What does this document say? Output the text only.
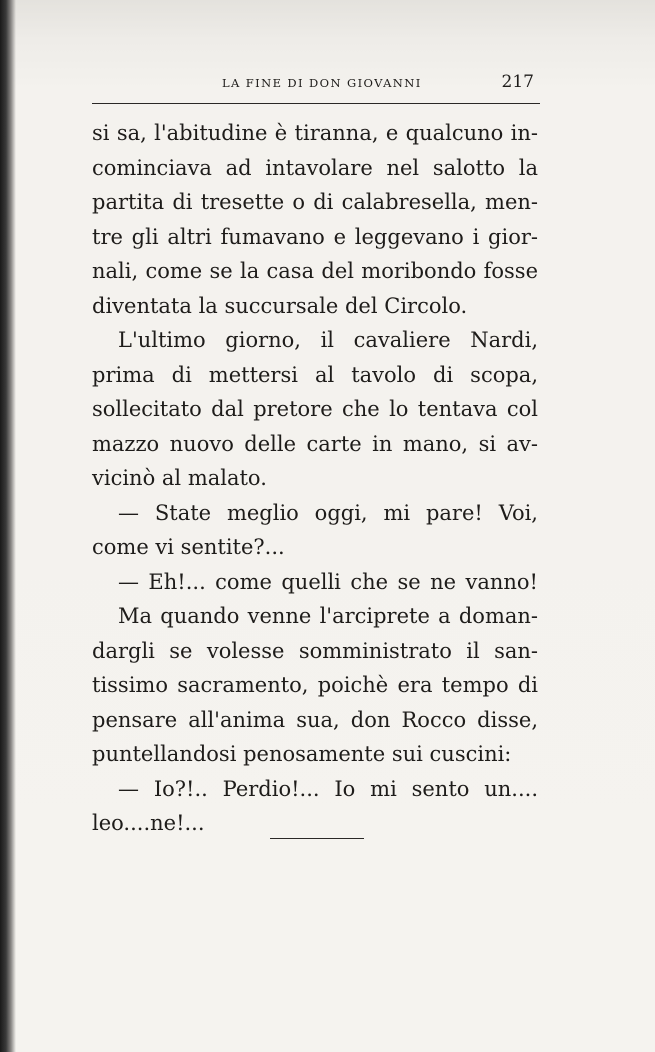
LA FINE DI DON GIOVANNI	217
si sa, l'abitudine è tiranna, e qualcuno in-
cominciava ad intavolare nel salotto la
partita di tresette o di calabresella, men-
tre gli altri fumavano e leggevano i gior-
nali, come se la casa del moribondo fosse
diventata la succursale del Circolo.
L'ultimo giorno, il cavaliere Nardi,
prima di mettersi al tavolo di scopa,
sollecitato dal pretore che lo tentava col
mazzo nuovo delle carte in mano, si av-
vicinò al malato.
— State meglio oggi, mi pare! Voi,
come vi sentite?...
— Eh!... come quelli che se ne vanno!
Ma quando venne l'arciprete a doman-
dargli se volesse somministrato il san-
tissimo sacramento, poichè era tempo di
pensare all'anima sua, don Rocco disse,
puntellandosi penosamente sui cuscini:
— Io?!.. Perdio!... Io mi sento un....
leo....ne!...
